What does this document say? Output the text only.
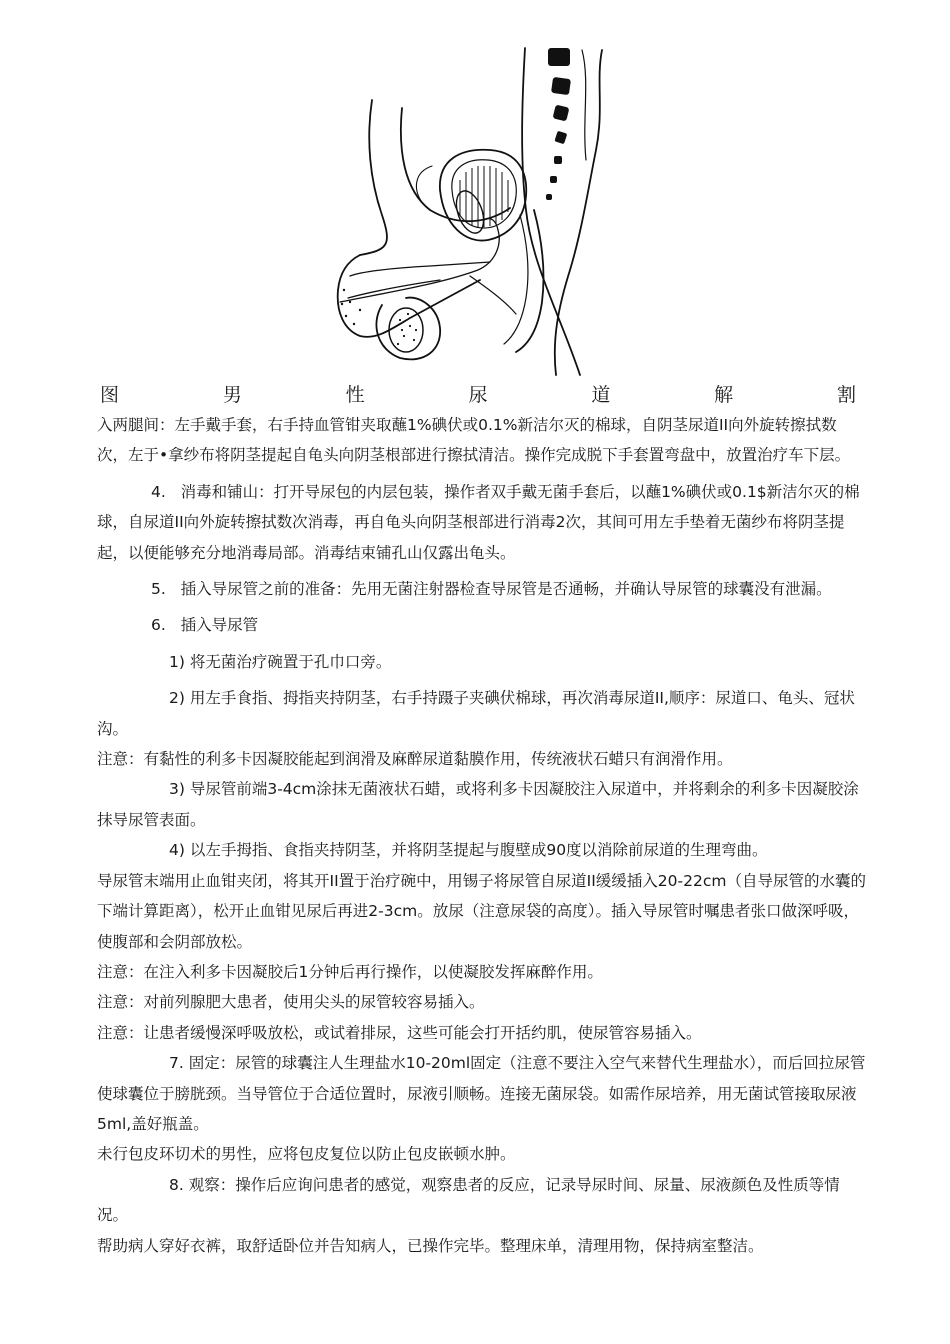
图	男	性	尿	道	解	割

入两腿间：左手戴手套，右手持血管钳夹取蘸1%碘伏或0.1%新洁尔灭的棉球，自阴茎尿道II向外旋转擦拭数次，左于•拿纱布将阴茎提起自龟头向阴茎根部进行擦拭清洁。操作完成脱下手套置弯盘中，放置治疗车下层。

4.   消毒和铺山：打开导尿包的内层包装，操作者双手戴无菌手套后，以蘸1%碘伏或0.1$新洁尔灭的棉球，自尿道II向外旋转擦拭数次消毒，再自龟头向阴茎根部进行消毒2次，其间可用左手垫着无菌纱布将阴茎提起，以便能够充分地消毒局部。消毒结束铺孔山仅露出龟头。

5.   插入导尿管之前的准备：先用无菌注射器检查导尿管是否通畅，并确认导尿管的球囊没有泄漏。

6.   插入导尿管

1) 将无菌治疗碗置于孔巾口旁。

2) 用左手食指、拇指夹持阴茎，右手持蹑子夹碘伏棉球，再次消毒尿道II,顺序：尿道口、龟头、冠状沟。

注意：有黏性的利多卡因凝胶能起到润滑及麻醉尿道黏膜作用，传统液状石蜡只有润滑作用。

3) 导尿管前端3-4cm涂抹无菌液状石蜡，或将利多卡因凝胶注入尿道中，并将剩余的利多卡因凝胶涂抹导尿管表面。

4) 以左手拇指、食指夹持阴茎，并将阴茎提起与腹壁成90度以消除前尿道的生理弯曲。

导尿管末端用止血钳夹闭，将其开II置于治疗碗中，用锡子将尿管自尿道II缓缓插入20-22cm（自导尿管的水囊的下端计算距离），松开止血钳见尿后再进2-3cm。放尿（注意尿袋的高度）。插入导尿管时嘱患者张口做深呼吸，使腹部和会阴部放松。

注意：在注入利多卡因凝胶后1分钟后再行操作，以使凝胶发挥麻醉作用。

注意：对前列腺肥大患者，使用尖头的尿管较容易插入。

注意：让患者缓慢深呼吸放松，或试着排尿，这些可能会打开括约肌，使尿管容易插入。

7. 固定：尿管的球囊注人生理盐水10-20ml固定（注意不要注入空气来替代生理盐水），而后回拉尿管使球囊位于膀胱颈。当导管位于合适位置时，尿液引顺畅。连接无菌尿袋。如需作尿培养，用无菌试管接取尿液5ml,盖好瓶盖。

未行包皮环切术的男性，应将包皮复位以防止包皮嵌顿水肿。

8. 观察：操作后应询问患者的感觉，观察患者的反应，记录导尿时间、尿量、尿液颜色及性质等情况。

帮助病人穿好衣裤，取舒适卧位并告知病人，已操作完毕。整理床单，清理用物，保持病室整洁。
